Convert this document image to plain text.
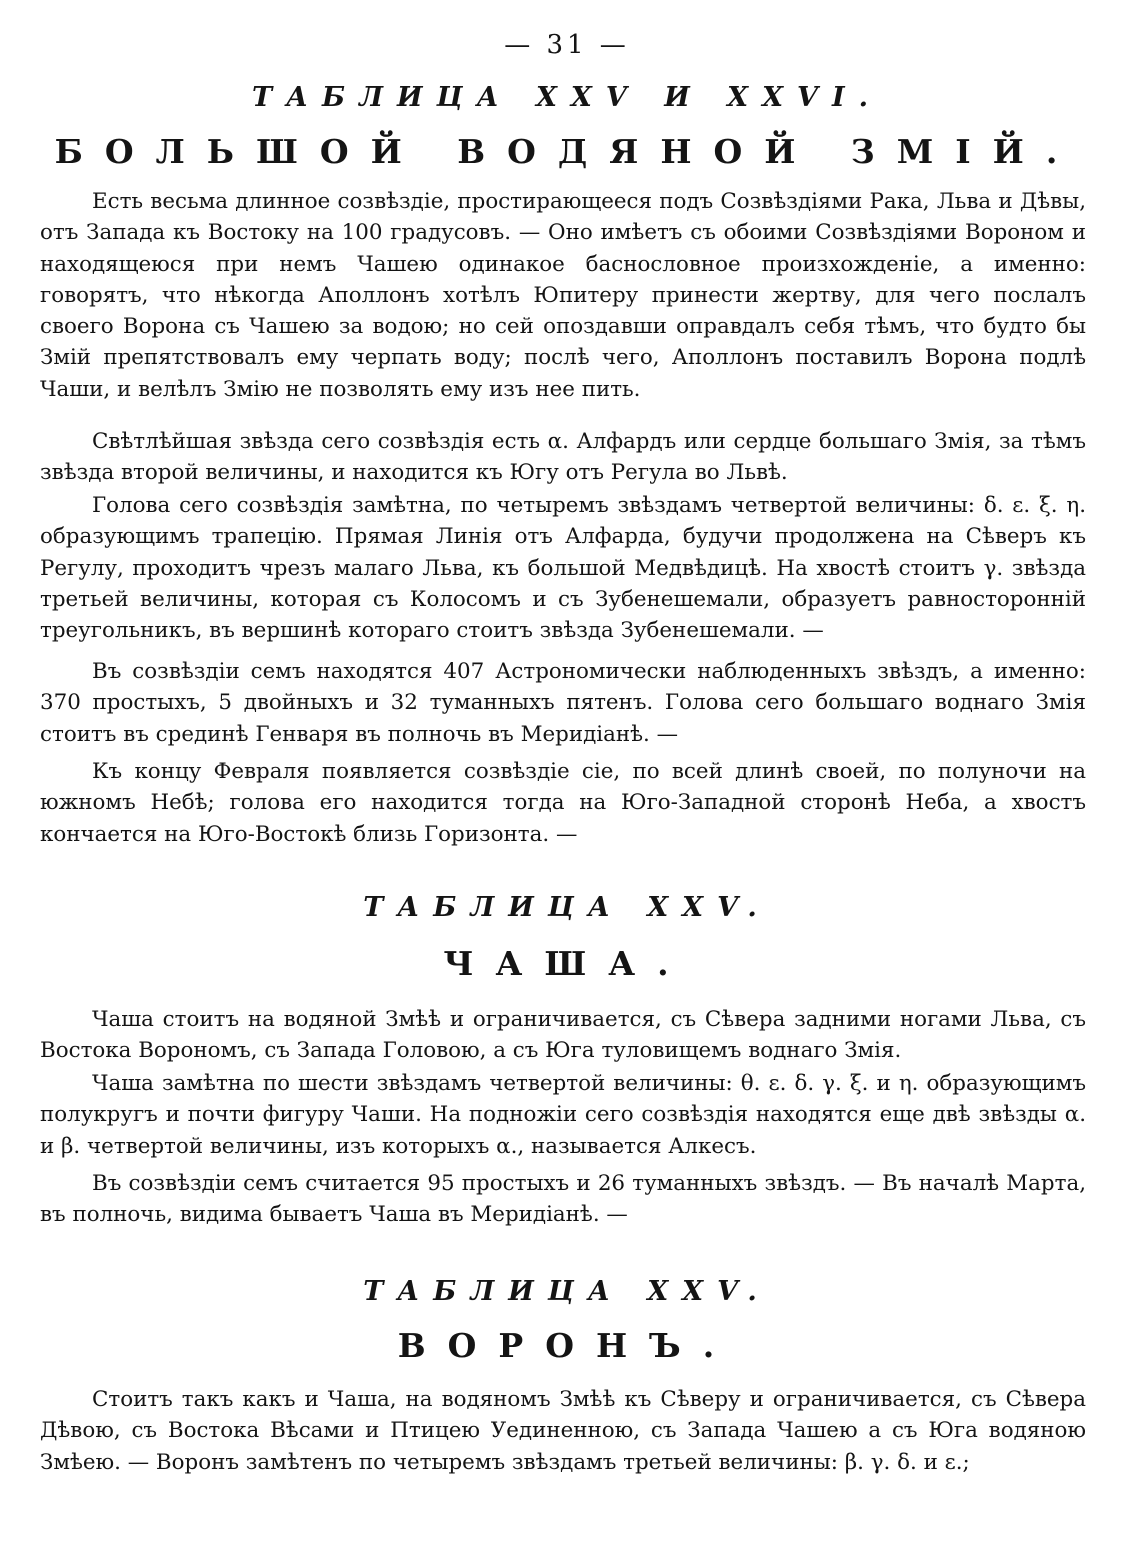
— 31 —

ТАБЛИЦА XXV И XXVI.
БОЛЬШОЙ ВОДЯНОЙ ЗМІЙ.

Есть весьма длинное созвѣздіе, простирающееся подъ Созвѣздіями Рака, Льва и Дѣвы, отъ Запада къ Востоку на 100 градусовъ. — Оно имѣетъ съ обоими Созвѣздіями Вороном и находящеюся при немъ Чашею одинакое баснословное произхожденіе, а именно: говорятъ, что нѣкогда Аполлонъ хотѣлъ Юпитеру принести жертву, для чего послалъ своего Ворона съ Чашею за водою; но сей опоздавши оправдалъ себя тѣмъ, что будто бы Змій препятствовалъ ему черпать воду; послѣ чего, Аполлонъ поставилъ Ворона подлѣ Чаши, и велѣлъ Змію не позволять ему изъ нее пить.

Свѣтлѣйшая звѣзда сего созвѣздія есть α. Алфардъ или сердце большаго Змія, за тѣмъ звѣзда второй величины, и находится къ Югу отъ Регула во Львѣ.

Голова сего созвѣздія замѣтна, по четыремъ звѣздамъ четвертой величины: δ. ε. ξ. η. образующимъ трапецію. Прямая Линія отъ Алфарда, будучи продолжена на Сѣверъ къ Регулу, проходитъ чрезъ малаго Льва, къ большой Медвѣдицѣ. На хвостѣ стоитъ γ. звѣзда третьей величины, которая съ Колосомъ и съ Зубенешемали, образуетъ равносторонній треугольникъ, въ вершинѣ котораго стоитъ звѣзда Зубенешемали. —

Въ созвѣздіи семъ находятся 407 Астрономически наблюденныхъ звѣздъ, а именно: 370 простыхъ, 5 двойныхъ и 32 туманныхъ пятенъ. Голова сего большаго воднаго Змія стоитъ въ срединѣ Генваря въ полночь въ Меридіанѣ. —

Къ концу Февраля появляется созвѣздіе сіе, по всей длинѣ своей, по полуночи на южномъ Небѣ; голова его находится тогда на Юго-Западной сторонѣ Неба, а хвостъ кончается на Юго-Востокѣ близь Горизонта. —

ТАБЛИЦА XXV.
ЧАША.

Чаша стоитъ на водяной Змѣѣ и ограничивается, съ Сѣвера задними ногами Льва, съ Востока Ворономъ, съ Запада Головою, а съ Юга туловищемъ воднаго Змія.

Чаша замѣтна по шести звѣздамъ четвертой величины: θ. ε. δ. γ. ξ. и η. образующимъ полукругъ и почти фигуру Чаши. На подножіи сего созвѣздія находятся еще двѣ звѣзды α. и β. четвертой величины, изъ которыхъ α., называется Алкесъ.

Въ созвѣздіи семъ считается 95 простыхъ и 26 туманныхъ звѣздъ. — Въ началѣ Марта, въ полночь, видима бываетъ Чаша въ Меридіанѣ. —

ТАБЛИЦА XXV.
ВОРОНЪ.

Стоитъ такъ какъ и Чаша, на водяномъ Змѣѣ къ Сѣверу и ограничивается, съ Сѣвера Дѣвою, съ Востока Вѣсами и Птицею Уединенною, съ Запада Чашею а съ Юга водяною Змѣею. — Воронъ замѣтенъ по четыремъ звѣздамъ третьей величины: β. γ. δ. и ε.;
